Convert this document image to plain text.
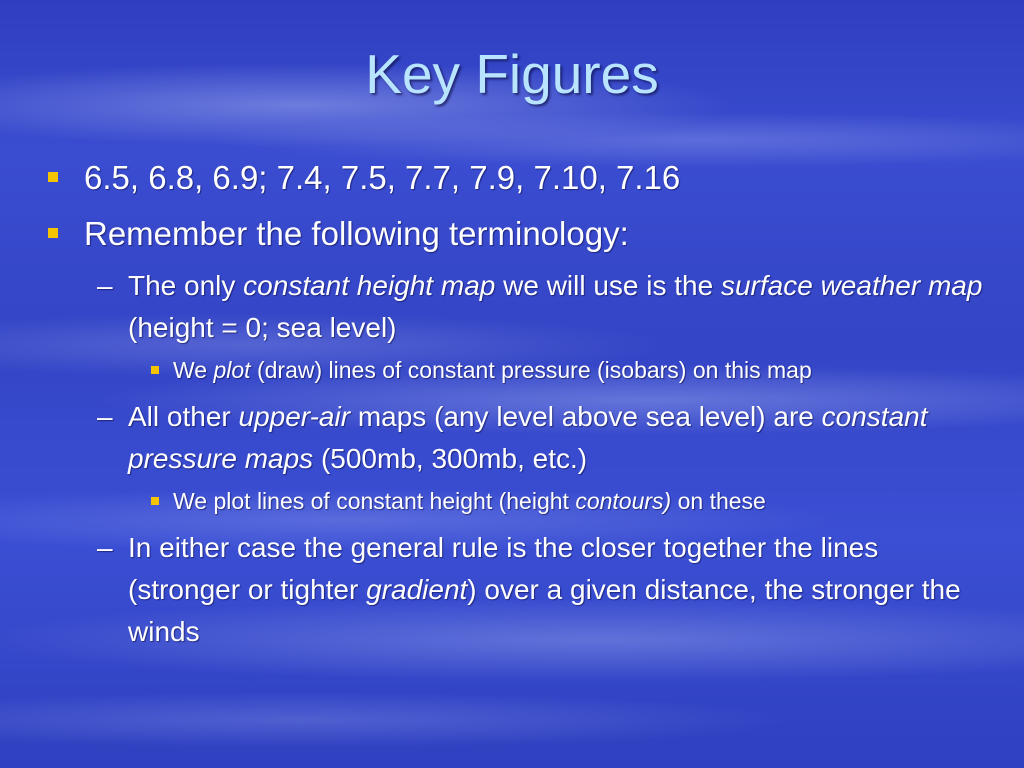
Key Figures
6.5, 6.8, 6.9; 7.4, 7.5, 7.7, 7.9, 7.10, 7.16
Remember the following terminology:
– The only constant height map we will use is the surface weather map (height = 0; sea level)
We plot (draw) lines of constant pressure (isobars) on this map
– All other upper-air maps (any level above sea level) are constant pressure maps (500mb, 300mb, etc.)
We plot lines of constant height (height contours) on these
– In either case the general rule is the closer together the lines (stronger or tighter gradient) over a given distance, the stronger the winds
